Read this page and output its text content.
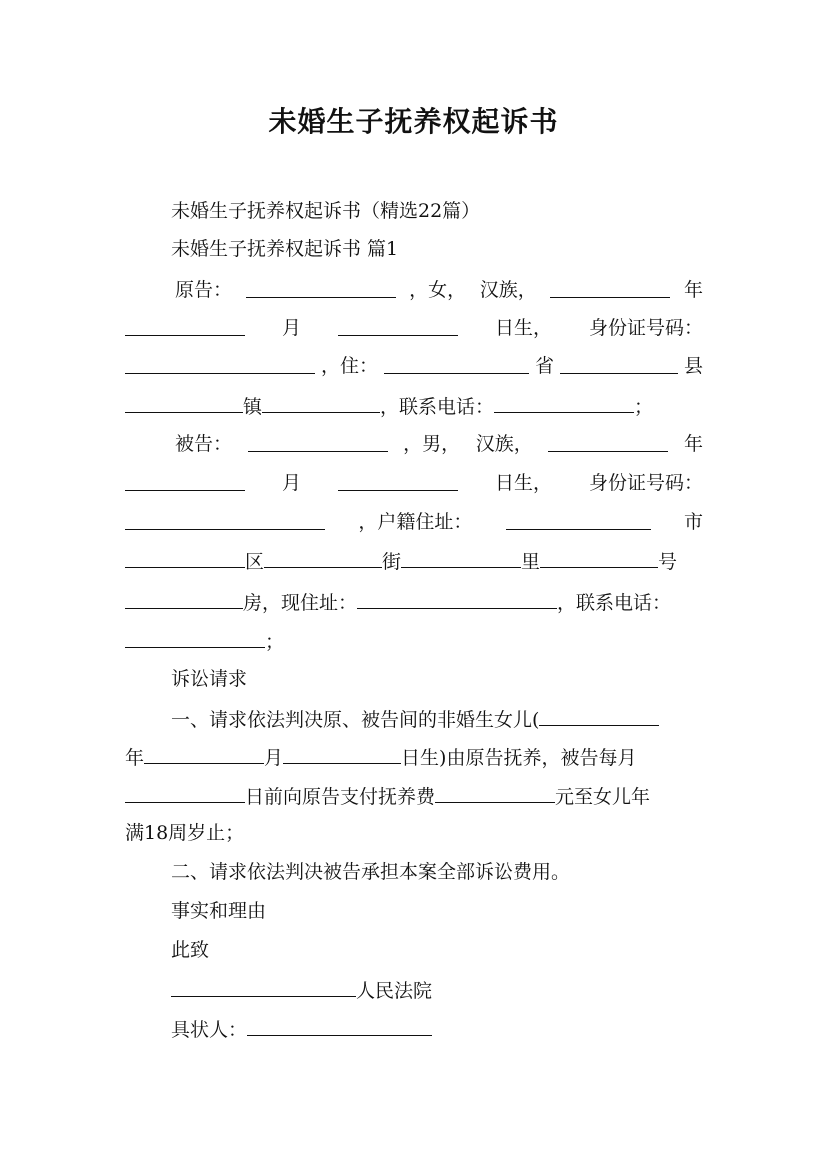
未婚生子抚养权起诉书
未婚生子抚养权起诉书（精选22篇）
未婚生子抚养权起诉书 篇1
原告：	，女， 汉族，	年
月	日生， 身份证号码：
，住：	省	县
镇	，联系电话：	；
被告：	，男， 汉族，	年
月	日生， 身份证号码：
，户籍住址：	市
区	街	里	号
房，现住址：	，联系电话：
；
诉讼请求
一、请求依法判决原、被告间的非婚生女儿(
年	月	日生)由原告抚养，被告每月
日前向原告支付抚养费	元至女儿年
满18周岁止；
二、请求依法判决被告承担本案全部诉讼费用。
事实和理由
此致
人民法院
具状人：
